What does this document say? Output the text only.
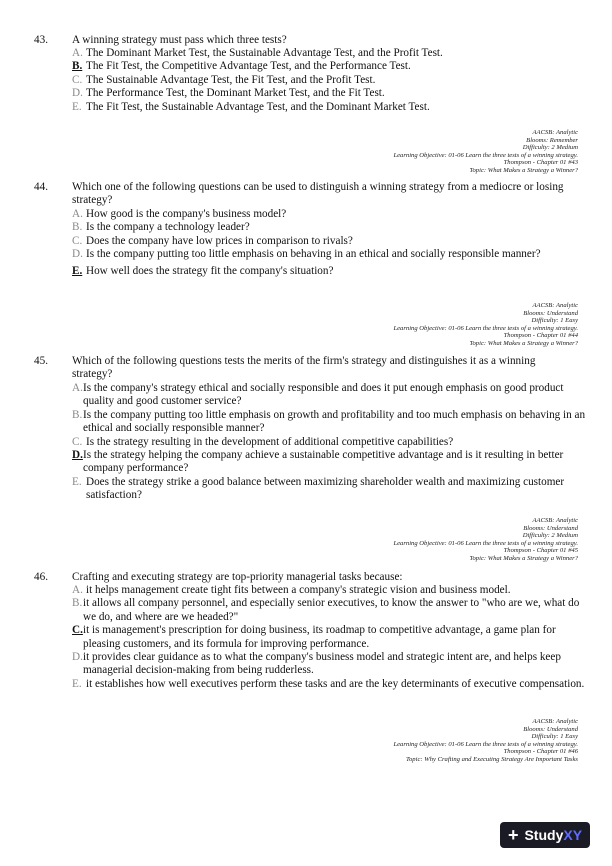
43. A winning strategy must pass which three tests?
A. The Dominant Market Test, the Sustainable Advantage Test, and the Profit Test.
B. The Fit Test, the Competitive Advantage Test, and the Performance Test.
C. The Sustainable Advantage Test, the Fit Test, and the Profit Test.
D. The Performance Test, the Dominant Market Test, and the Fit Test.
E. The Fit Test, the Sustainable Advantage Test, and the Dominant Market Test.
AACSB: Analytic
Blooms: Remember
Difficulty: 2 Medium
Learning Objective: 01-06 Learn the three tests of a winning strategy.
Thompson - Chapter 01 #43
Topic: What Makes a Strategy a Winner?
44. Which one of the following questions can be used to distinguish a winning strategy from a mediocre or losing strategy?
A. How good is the company's business model?
B. Is the company a technology leader?
C. Does the company have low prices in comparison to rivals?
D. Is the company putting too little emphasis on behaving in an ethical and socially responsible manner?
E. How well does the strategy fit the company's situation?
AACSB: Analytic
Blooms: Understand
Difficulty: 1 Easy
Learning Objective: 01-06 Learn the three tests of a winning strategy.
Thompson - Chapter 01 #44
Topic: What Makes a Strategy a Winner?
45. Which of the following questions tests the merits of the firm's strategy and distinguishes it as a winning strategy?
A. Is the company's strategy ethical and socially responsible and does it put enough emphasis on good product quality and good customer service?
B. Is the company putting too little emphasis on growth and profitability and too much emphasis on behaving in an ethical and socially responsible manner?
C. Is the strategy resulting in the development of additional competitive capabilities?
D. Is the strategy helping the company achieve a sustainable competitive advantage and is it resulting in better company performance?
E. Does the strategy strike a good balance between maximizing shareholder wealth and maximizing customer satisfaction?
AACSB: Analytic
Blooms: Understand
Difficulty: 2 Medium
Learning Objective: 01-06 Learn the three tests of a winning strategy.
Thompson - Chapter 01 #45
Topic: What Makes a Strategy a Winner?
46. Crafting and executing strategy are top-priority managerial tasks because:
A. it helps management create tight fits between a company's strategic vision and business model.
B. it allows all company personnel, and especially senior executives, to know the answer to "who are we, what do we do, and where are we headed?"
C. it is management's prescription for doing business, its roadmap to competitive advantage, a game plan for pleasing customers, and its formula for improving performance.
D. it provides clear guidance as to what the company's business model and strategic intent are, and helps keep managerial decision-making from being rudderless.
E. it establishes how well executives perform these tasks and are the key determinants of executive compensation.
AACSB: Analytic
Blooms: Understand
Difficulty: 1 Easy
Learning Objective: 01-06 Learn the three tests of a winning strategy.
Thompson - Chapter 01 #46
Topic: Why Crafting and Executing Strategy Are Important Tasks
+ StudyXY
